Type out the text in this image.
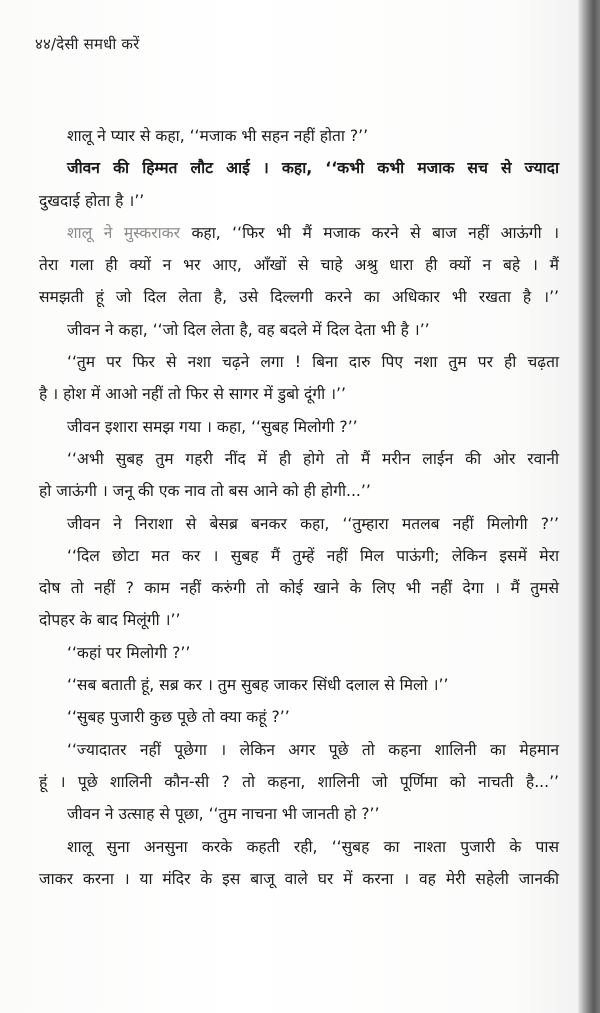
४४/देसी समधी करें
शालू ने प्यार से कहा, ‘‘मजाक भी सहन नहीं होता ?’’
जीवन की हिम्मत लौट आई । कहा, ‘‘कभी कभी मजाक सच से ज्यादा
दुखदाई होता है ।’’
शालू ने मुस्कराकर कहा, ‘‘फिर भी मैं मजाक करने से बाज नहीं आऊंगी ।
तेरा गला ही क्यों न भर आए, आँखों से चाहे अश्रु धारा ही क्यों न बहे । मैं
समझती हूं जो दिल लेता है, उसे दिल्लगी करने का अधिकार भी रखता है ।’’
जीवन ने कहा, ‘‘जो दिल लेता है, वह बदले में दिल देता भी है ।’’
‘‘तुम पर फिर से नशा चढ़ने लगा ! बिना दारु पिए नशा तुम पर ही चढ़ता
है । होश में आओ नहीं तो फिर से सागर में डुबो दूंगी ।’’
जीवन इशारा समझ गया । कहा, ‘‘सुबह मिलोगी ?’’
‘‘अभी सुबह तुम गहरी नींद में ही होगे तो मैं मरीन लाईन की ओर रवानी
हो जाऊंगी । जनू की एक नाव तो बस आने को ही होगी...’’
जीवन ने निराशा से बेसब्र बनकर कहा, ‘‘तुम्हारा मतलब नहीं मिलोगी ?’’
‘‘दिल छोटा मत कर । सुबह मैं तुम्हें नहीं मिल पाऊंगी; लेकिन इसमें मेरा
दोष तो नहीं ? काम नहीं करुंगी तो कोई खाने के लिए भी नहीं देगा । मैं तुमसे
दोपहर के बाद मिलूंगी ।’’
‘‘कहां पर मिलोगी ?’’
‘‘सब बताती हूं, सब्र कर । तुम सुबह जाकर सिंधी दलाल से मिलो ।’’
‘‘सुबह पुजारी कुछ पूछे तो क्या कहूं ?’’
‘‘ज्यादातर नहीं पूछेगा । लेकिन अगर पूछे तो कहना शालिनी का मेहमान
हूं । पूछे शालिनी कौन-सी ? तो कहना, शालिनी जो पूर्णिमा को नाचती है...’’
जीवन ने उत्साह से पूछा, ‘‘तुम नाचना भी जानती हो ?’’
शालू सुना अनसुना करके कहती रही, ‘‘सुबह का नाश्ता पुजारी के पास
जाकर करना । या मंदिर के इस बाजू वाले घर में करना । वह मेरी सहेली जानकी
